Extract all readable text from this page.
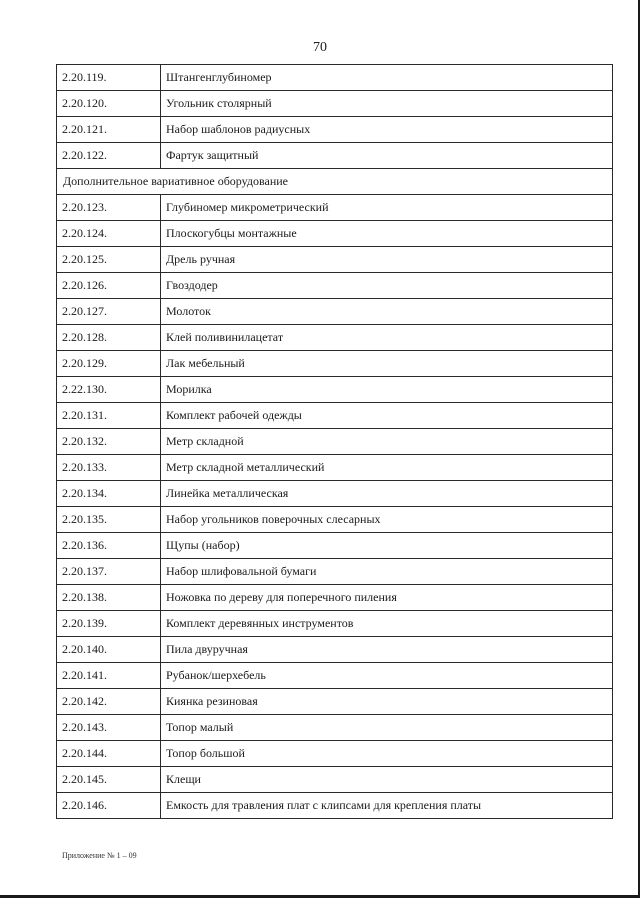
70
2.20.119.	Штангенглубиномер
2.20.120.	Угольник столярный
2.20.121.	Набор шаблонов радиусных
2.20.122.	Фартук защитный
Дополнительное вариативное оборудование	
2.20.123.	Глубиномер микрометрический
2.20.124.	Плоскогубцы монтажные
2.20.125.	Дрель ручная
2.20.126.	Гвоздодер
2.20.127.	Молоток
2.20.128.	Клей поливинилацетат
2.20.129.	Лак мебельный
2.22.130.	Морилка
2.20.131.	Комплект рабочей одежды
2.20.132.	Метр складной
2.20.133.	Метр складной металлический
2.20.134.	Линейка металлическая
2.20.135.	Набор угольников поверочных слесарных
2.20.136.	Щупы (набор)
2.20.137.	Набор шлифовальной бумаги
2.20.138.	Ножовка по дереву для поперечного пиления
2.20.139.	Комплект деревянных инструментов
2.20.140.	Пила двуручная
2.20.141.	Рубанок/шерхебель
2.20.142.	Киянка резиновая
2.20.143.	Топор малый
2.20.144.	Топор большой
2.20.145.	Клещи
2.20.146.	Емкость для травления плат с клипсами для крепления платы
Приложение № 1 – 09
